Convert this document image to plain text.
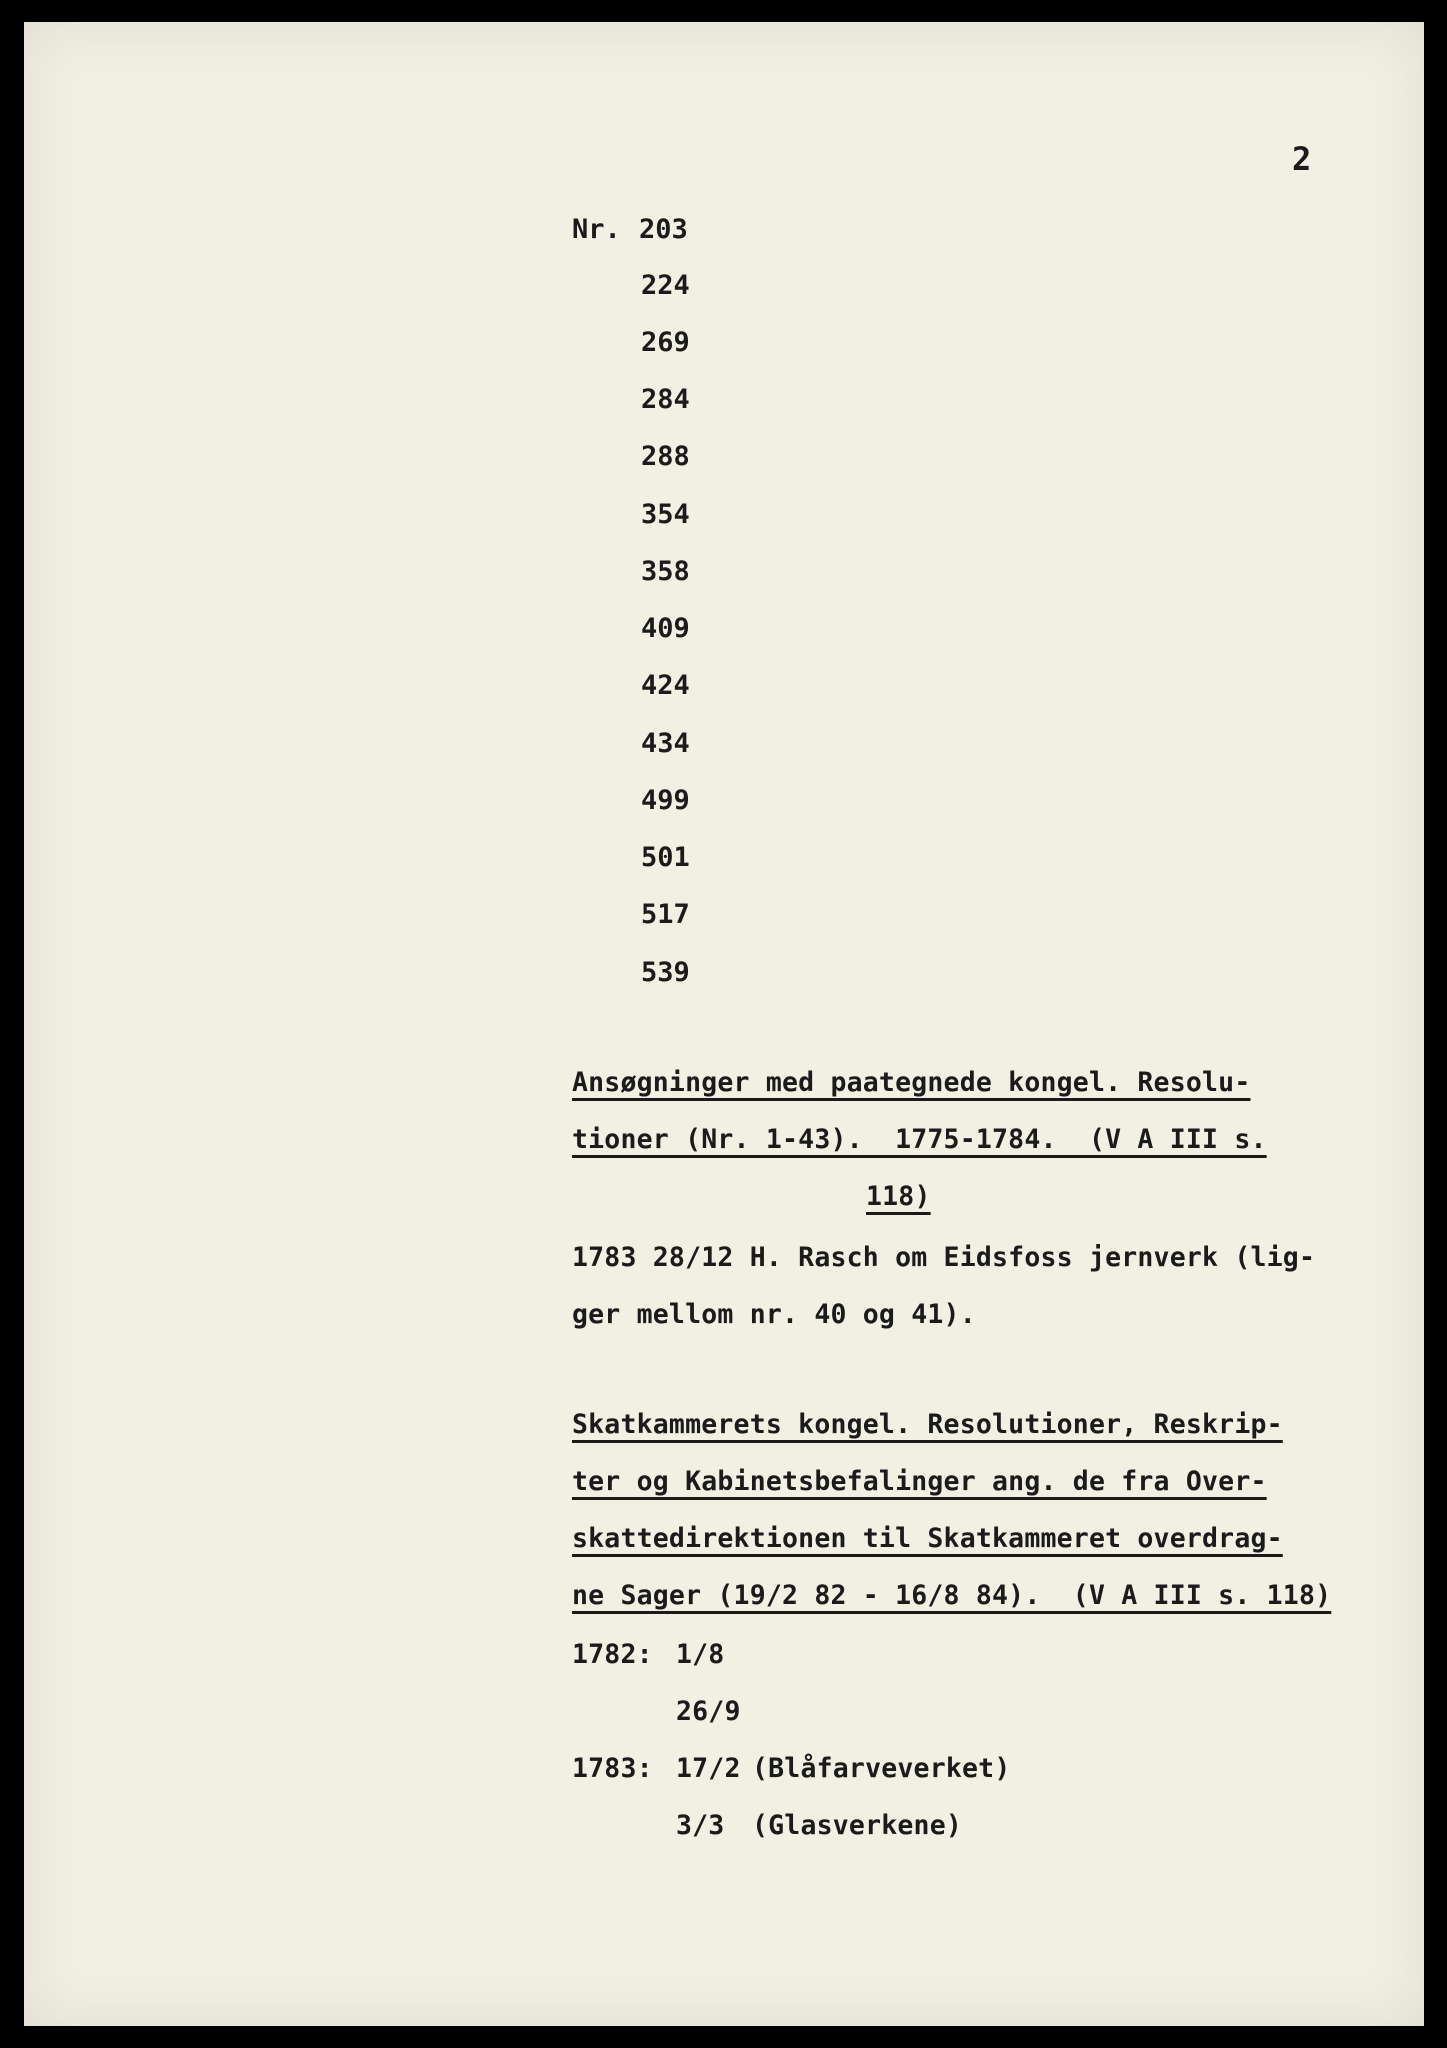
2
Nr. 203
224
269
284
288
354
358
409
424
434
499
501
517
539
Ansøgninger med paategnede kongel. Resolu-
tioner (Nr. 1-43).  1775-1784.  (V A III s.
118)
1783 28/12 H. Rasch om Eidsfoss jernverk (lig-
ger mellom nr. 40 og 41).
Skatkammerets kongel. Resolutioner, Reskrip-
ter og Kabinetsbefalinger ang. de fra Over-
skattedirektionen til Skatkammeret overdrag-
ne Sager (19/2 82 - 16/8 84).  (V A III s. 118)
1782: 1/8
26/9
1783: 17/2 (Blåfarveverket)
3/3 (Glasverkene)
